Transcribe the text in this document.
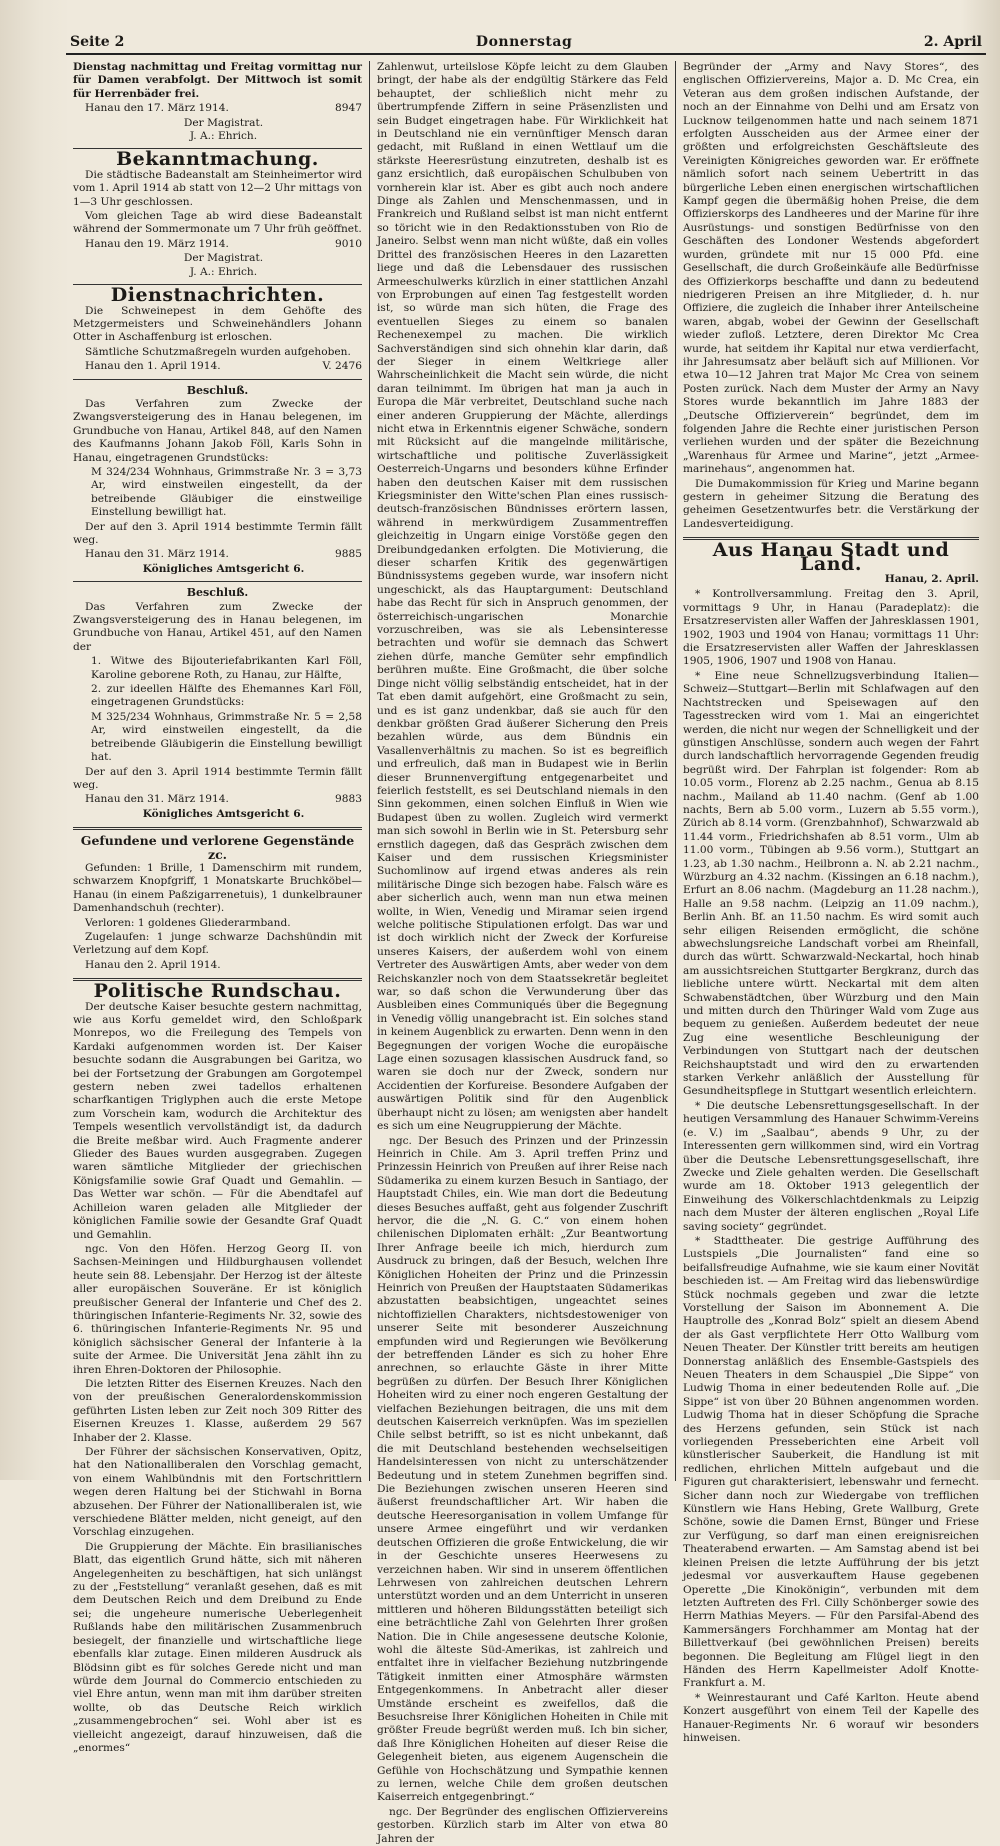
Seite 2	Donnerstag	2. April

Dienstag nachmittag und Freitag vormittag nur für Damen verabfolgt. Der Mittwoch ist somit für Herrenbäder frei.

Hanau den 17. März 1914.	8947

Der Magistrat.

J. A.: Ehrich.

Bekanntmachung.

Die städtische Badeanstalt am Steinheimertor wird vom 1. April 1914 ab statt von 12—2 Uhr mittags von 1—3 Uhr geschlossen.

Vom gleichen Tage ab wird diese Badeanstalt während der Sommermonate um 7 Uhr früh geöffnet.

Hanau den 19. März 1914.	9010

Der Magistrat.

J. A.: Ehrich.

Dienstnachrichten.

Die Schweinepest in dem Gehöfte des Metzgermeisters und Schweinehändlers Johann Otter in Aschaffenburg ist erloschen.

Sämtliche Schutzmaßregeln wurden aufgehoben.

Hanau den 1. April 1914.	V. 2476

Beschluß.

Das Verfahren zum Zwecke der Zwangsversteigerung des in Hanau belegenen, im Grundbuche von Hanau, Artikel 848, auf den Namen des Kaufmanns Johann Jakob Föll, Karls Sohn in Hanau, eingetragenen Grundstücks:

M 324/234 Wohnhaus, Grimmstraße Nr. 3 = 3,73 Ar, wird einstweilen eingestellt, da der betreibende Gläubiger die einstweilige Einstellung bewilligt hat.

Der auf den 3. April 1914 bestimmte Termin fällt weg.

Hanau den 31. März 1914.	9885

Königliches Amtsgericht 6.

Beschluß.

Das Verfahren zum Zwecke der Zwangsversteigerung des in Hanau belegenen, im Grundbuche von Hanau, Artikel 451, auf den Namen der

1. Witwe des Bijouteriefabrikanten Karl Föll, Karoline geborene Roth, zu Hanau, zur Hälfte,

2. zur ideellen Hälfte des Ehemannes Karl Föll, eingetragenen Grundstücks:

M 325/234 Wohnhaus, Grimmstraße Nr. 5 = 2,58 Ar, wird einstweilen eingestellt, da die betreibende Gläubigerin die Einstellung bewilligt hat.

Der auf den 3. April 1914 bestimmte Termin fällt weg.

Hanau den 31. März 1914.	9883

Königliches Amtsgericht 6.

Gefundene und verlorene Gegenstände zc.

Gefunden: 1 Brille, 1 Damenschirm mit rundem, schwarzem Knopfgriff, 1 Monatskarte Bruchköbel—Hanau (in einem Paßzigarrenetuis), 1 dunkelbrauner Damenhandschuh (rechter).

Verloren: 1 goldenes Gliederarmband.

Zugelaufen: 1 junge schwarze Dachshündin mit Verletzung auf dem Kopf.

Hanau den 2. April 1914.

Politische Rundschau.

Der deutsche Kaiser besuchte gestern nachmittag, wie aus Korfu gemeldet wird, den Schloßpark Monrepos, wo die Freilegung des Tempels von Kardaki aufgenommen worden ist. Der Kaiser besuchte sodann die Ausgrabungen bei Garitza, wo bei der Fortsetzung der Grabungen am Gorgotempel gestern neben zwei tadellos erhaltenen scharfkantigen Triglyphen auch die erste Metope zum Vorschein kam, wodurch die Architektur des Tempels wesentlich vervollständigt ist, da dadurch die Breite meßbar wird. Auch Fragmente anderer Glieder des Baues wurden ausgegraben. Zugegen waren sämtliche Mitglieder der griechischen Königsfamilie sowie Graf Quadt und Gemahlin. — Das Wetter war schön. — Für die Abendtafel auf Achilleion waren geladen alle Mitglieder der königlichen Familie sowie der Gesandte Graf Quadt und Gemahlin.

ngc. Von den Höfen. Herzog Georg II. von Sachsen-Meiningen und Hildburghausen vollendet heute sein 88. Lebensjahr. Der Herzog ist der älteste aller europäischen Souveräne. Er ist königlich preußischer General der Infanterie und Chef des 2. thüringischen Infanterie-Regiments Nr. 32, sowie des 6. thüringischen Infanterie-Regiments Nr. 95 und königlich sächsischer General der Infanterie à la suite der Armee. Die Universität Jena zählt ihn zu ihren Ehren-Doktoren der Philosophie.

Die letzten Ritter des Eisernen Kreuzes. Nach den von der preußischen Generalordenskommission geführten Listen leben zur Zeit noch 309 Ritter des Eisernen Kreuzes 1. Klasse, außerdem 29 567 Inhaber der 2. Klasse.

Der Führer der sächsischen Konservativen, Opitz, hat den Nationalliberalen den Vorschlag gemacht, von einem Wahlbündnis mit den Fortschrittlern wegen deren Haltung bei der Stichwahl in Borna abzusehen. Der Führer der Nationalliberalen ist, wie verschiedene Blätter melden, nicht geneigt, auf den Vorschlag einzugehen.

Die Gruppierung der Mächte. Ein brasilianisches Blatt, das eigentlich Grund hätte, sich mit näheren Angelegenheiten zu beschäftigen, hat sich unlängst zu der „Feststellung“ veranlaßt gesehen, daß es mit dem Deutschen Reich und dem Dreibund zu Ende sei; die ungeheure numerische Ueberlegenheit Rußlands habe den militärischen Zusammenbruch besiegelt, der finanzielle und wirtschaftliche liege ebenfalls klar zutage. Einen milderen Ausdruck als Blödsinn gibt es für solches Gerede nicht und man würde dem Journal do Commercio entschieden zu viel Ehre antun, wenn man mit ihm darüber streiten wollte, ob das Deutsche Reich wirklich „zusammengebrochen“ sei. Wohl aber ist es vielleicht angezeigt, darauf hinzuweisen, daß die „enormes“

Zahlenwut, urteilslose Köpfe leicht zu dem Glauben bringt, der habe als der endgültig Stärkere das Feld behauptet, der schließlich nicht mehr zu übertrumpfende Ziffern in seine Präsenzlisten und sein Budget eingetragen habe. Für Wirklichkeit hat in Deutschland nie ein vernünftiger Mensch daran gedacht, mit Rußland in einen Wettlauf um die stärkste Heeresrüstung einzutreten, deshalb ist es ganz ersichtlich, daß europäischen Schulbuben von vornherein klar ist. Aber es gibt auch noch andere Dinge als Zahlen und Menschenmassen, und in Frankreich und Rußland selbst ist man nicht entfernt so töricht wie in den Redaktionsstuben von Rio de Janeiro. Selbst wenn man nicht wüßte, daß ein volles Drittel des französischen Heeres in den Lazaretten liege und daß die Lebensdauer des russischen Armeeschulwerks kürzlich in einer stattlichen Anzahl von Erprobungen auf einen Tag festgestellt worden ist, so würde man sich hüten, die Frage des eventuellen Sieges zu einem so banalen Rechenexempel zu machen. Die wirklich Sachverständigen sind sich ohnehin klar darin, daß der Sieger in einem Weltkriege aller Wahrscheinlichkeit die Macht sein würde, die nicht daran teilnimmt. Im übrigen hat man ja auch in Europa die Mär verbreitet, Deutschland suche nach einer anderen Gruppierung der Mächte, allerdings nicht etwa in Erkenntnis eigener Schwäche, sondern mit Rücksicht auf die mangelnde militärische, wirtschaftliche und politische Zuverlässigkeit Oesterreich-Ungarns und besonders kühne Erfinder haben den deutschen Kaiser mit dem russischen Kriegsminister den Witte'schen Plan eines russisch-deutsch-französischen Bündnisses erörtern lassen, während in merkwürdigem Zusammentreffen gleichzeitig in Ungarn einige Vorstöße gegen den Dreibundgedanken erfolgten. Die Motivierung, die dieser scharfen Kritik des gegenwärtigen Bündnissystems gegeben wurde, war insofern nicht ungeschickt, als das Hauptargument: Deutschland habe das Recht für sich in Anspruch genommen, der österreichisch-ungarischen Monarchie vorzuschreiben, was sie als Lebensinteresse betrachten und wofür sie demnach das Schwert ziehen dürfe, manche Gemüter sehr empfindlich berühren mußte. Eine Großmacht, die über solche Dinge nicht völlig selbständig entscheidet, hat in der Tat eben damit aufgehört, eine Großmacht zu sein, und es ist ganz undenkbar, daß sie auch für den denkbar größten Grad äußerer Sicherung den Preis bezahlen würde, aus dem Bündnis ein Vasallenverhältnis zu machen. So ist es begreiflich und erfreulich, daß man in Budapest wie in Berlin dieser Brunnenvergiftung entgegenarbeitet und feierlich feststellt, es sei Deutschland niemals in den Sinn gekommen, einen solchen Einfluß in Wien wie Budapest üben zu wollen. Zugleich wird vermerkt man sich sowohl in Berlin wie in St. Petersburg sehr ernstlich dagegen, daß das Gespräch zwischen dem Kaiser und dem russischen Kriegsminister Suchomlinow auf irgend etwas anderes als rein militärische Dinge sich bezogen habe. Falsch wäre es aber sicherlich auch, wenn man nun etwa meinen wollte, in Wien, Venedig und Miramar seien irgend welche politische Stipulationen erfolgt. Das war und ist doch wirklich nicht der Zweck der Korfureise unseres Kaisers, der außerdem wohl von einem Vertreter des Auswärtigen Amts, aber weder von dem Reichskanzler noch von dem Staatssekretär begleitet war, so daß schon die Verwunderung über das Ausbleiben eines Communiqués über die Begegnung in Venedig völlig unangebracht ist. Ein solches stand in keinem Augenblick zu erwarten. Denn wenn in den Begegnungen der vorigen Woche die europäische Lage einen sozusagen klassischen Ausdruck fand, so waren sie doch nur der Zweck, sondern nur Accidentien der Korfureise. Besondere Aufgaben der auswärtigen Politik sind für den Augenblick überhaupt nicht zu lösen; am wenigsten aber handelt es sich um eine Neugruppierung der Mächte.

ngc. Der Besuch des Prinzen und der Prinzessin Heinrich in Chile. Am 3. April treffen Prinz und Prinzessin Heinrich von Preußen auf ihrer Reise nach Südamerika zu einem kurzen Besuch in Santiago, der Hauptstadt Chiles, ein. Wie man dort die Bedeutung dieses Besuches auffaßt, geht aus folgender Zuschrift hervor, die die „N. G. C.“ von einem hohen chilenischen Diplomaten erhält: „Zur Beantwortung Ihrer Anfrage beeile ich mich, hierdurch zum Ausdruck zu bringen, daß der Besuch, welchen Ihre Königlichen Hoheiten der Prinz und die Prinzessin Heinrich von Preußen der Hauptstaaten Südamerikas abzustatten beabsichtigen, ungeachtet seines nichtoffiziellen Charakters, nichtsdestoweniger von unserer Seite mit besonderer Auszeichnung empfunden wird und Regierungen wie Bevölkerung der betreffenden Länder es sich zu hoher Ehre anrechnen, so erlauchte Gäste in ihrer Mitte begrüßen zu dürfen. Der Besuch Ihrer Königlichen Hoheiten wird zu einer noch engeren Gestaltung der vielfachen Beziehungen beitragen, die uns mit dem deutschen Kaiserreich verknüpfen. Was im speziellen Chile selbst betrifft, so ist es nicht unbekannt, daß die mit Deutschland bestehenden wechselseitigen Handelsinteressen von nicht zu unterschätzender Bedeutung und in stetem Zunehmen begriffen sind. Die Beziehungen zwischen unseren Heeren sind äußerst freundschaftlicher Art. Wir haben die deutsche Heeresorganisation in vollem Umfange für unsere Armee eingeführt und wir verdanken deutschen Offizieren die große Entwickelung, die wir in der Geschichte unseres Heerwesens zu verzeichnen haben. Wir sind in unserem öffentlichen Lehrwesen von zahlreichen deutschen Lehrern unterstützt worden und an dem Unterricht in unseren mittleren und höheren Bildungsstätten beteiligt sich eine beträchtliche Zahl von Gelehrten Ihrer großen Nation. Die in Chile angesessene deutsche Kolonie, wohl die älteste Süd-Amerikas, ist zahlreich und entfaltet ihre in vielfacher Beziehung nutzbringende Tätigkeit inmitten einer Atmosphäre wärmsten Entgegenkommens. In Anbetracht aller dieser Umstände erscheint es zweifellos, daß die Besuchsreise Ihrer Königlichen Hoheiten in Chile mit größter Freude begrüßt werden muß. Ich bin sicher, daß Ihre Königlichen Hoheiten auf dieser Reise die Gelegenheit bieten, aus eigenem Augenschein die Gefühle von Hochschätzung und Sympathie kennen zu lernen, welche Chile dem großen deutschen Kaiserreich entgegenbringt.“

ngc. Der Begründer des englischen Offiziervereins gestorben. Kürzlich starb im Alter von etwa 80 Jahren der

Begründer der „Army and Navy Stores“, des englischen Offiziervereins, Major a. D. Mc Crea, ein Veteran aus dem großen indischen Aufstande, der noch an der Einnahme von Delhi und am Ersatz von Lucknow teilgenommen hatte und nach seinem 1871 erfolgten Ausscheiden aus der Armee einer der größten und erfolgreichsten Geschäftsleute des Vereinigten Königreiches geworden war. Er eröffnete nämlich sofort nach seinem Uebertritt in das bürgerliche Leben einen energischen wirtschaftlichen Kampf gegen die übermäßig hohen Preise, die dem Offizierskorps des Landheeres und der Marine für ihre Ausrüstungs- und sonstigen Bedürfnisse von den Geschäften des Londoner Westends abgefordert wurden, gründete mit nur 15 000 Pfd. eine Gesellschaft, die durch Großeinkäufe alle Bedürfnisse des Offizierkorps beschaffte und dann zu bedeutend niedrigeren Preisen an ihre Mitglieder, d. h. nur Offiziere, die zugleich die Inhaber ihrer Anteilscheine waren, abgab, wobei der Gewinn der Gesellschaft wieder zufloß. Letztere, deren Direktor Mc Crea wurde, hat seitdem ihr Kapital nur etwa verdierfacht, ihr Jahresumsatz aber beläuft sich auf Millionen. Vor etwa 10—12 Jahren trat Major Mc Crea von seinem Posten zurück. Nach dem Muster der Army an Navy Stores wurde bekanntlich im Jahre 1883 der „Deutsche Offizierverein“ begründet, dem im folgenden Jahre die Rechte einer juristischen Person verliehen wurden und der später die Bezeichnung „Warenhaus für Armee und Marine“, jetzt „Armee-marinehaus“, angenommen hat.

Die Dumakommission für Krieg und Marine begann gestern in geheimer Sitzung die Beratung des geheimen Gesetzentwurfes betr. die Verstärkung der Landesverteidigung.

Aus Hanau Stadt und Land.

Hanau, 2. April.

* Kontrollversammlung. Freitag den 3. April, vormittags 9 Uhr, in Hanau (Paradeplatz): die Ersatzreservisten aller Waffen der Jahresklassen 1901, 1902, 1903 und 1904 von Hanau; vormittags 11 Uhr: die Ersatzreservisten aller Waffen der Jahresklassen 1905, 1906, 1907 und 1908 von Hanau.

* Eine neue Schnellzugsverbindung Italien—Schweiz—Stuttgart—Berlin mit Schlafwagen auf den Nachtstrecken und Speisewagen auf den Tagesstrecken wird vom 1. Mai an eingerichtet werden, die nicht nur wegen der Schnelligkeit und der günstigen Anschlüsse, sondern auch wegen der Fahrt durch landschaftlich hervorragende Gegenden freudig begrüßt wird. Der Fahrplan ist folgender: Rom ab 10.05 vorm., Florenz ab 2.25 nachm., Genua ab 8.15 nachm., Mailand ab 11.40 nachm. (Genf ab 1.00 nachts, Bern ab 5.00 vorm., Luzern ab 5.55 vorm.), Zürich ab 8.14 vorm. (Grenzbahnhof), Schwarzwald ab 11.44 vorm., Friedrichshafen ab 8.51 vorm., Ulm ab 11.00 vorm., Tübingen ab 9.56 vorm.), Stuttgart an 1.23, ab 1.30 nachm., Heilbronn a. N. ab 2.21 nachm., Würzburg an 4.32 nachm. (Kissingen an 6.18 nachm.), Erfurt an 8.06 nachm. (Magdeburg an 11.28 nachm.), Halle an 9.58 nachm. (Leipzig an 11.09 nachm.), Berlin Anh. Bf. an 11.50 nachm. Es wird somit auch sehr eiligen Reisenden ermöglicht, die schöne abwechslungsreiche Landschaft vorbei am Rheinfall, durch das württ. Schwarzwald-Neckartal, hoch hinab am aussichtsreichen Stuttgarter Bergkranz, durch das liebliche untere württ. Neckartal mit dem alten Schwabenstädtchen, über Würzburg und den Main und mitten durch den Thüringer Wald vom Zuge aus bequem zu genießen. Außerdem bedeutet der neue Zug eine wesentliche Beschleunigung der Verbindungen von Stuttgart nach der deutschen Reichshauptstadt und wird den zu erwartenden starken Verkehr anläßlich der Ausstellung für Gesundheitspflege in Stuttgart wesentlich erleichtern.

* Die deutsche Lebensrettungsgesellschaft. In der heutigen Versammlung des Hanauer Schwimm-Vereins (e. V.) im „Saalbau“, abends 9 Uhr, zu der Interessenten gern willkommen sind, wird ein Vortrag über die Deutsche Lebensrettungsgesellschaft, ihre Zwecke und Ziele gehalten werden. Die Gesellschaft wurde am 18. Oktober 1913 gelegentlich der Einweihung des Völkerschlachtdenkmals zu Leipzig nach dem Muster der älteren englischen „Royal Life saving society“ gegründet.

* Stadttheater. Die gestrige Aufführung des Lustspiels „Die Journalisten“ fand eine so beifallsfreudige Aufnahme, wie sie kaum einer Novität beschieden ist. — Am Freitag wird das liebenswürdige Stück nochmals gegeben und zwar die letzte Vorstellung der Saison im Abonnement A. Die Hauptrolle des „Konrad Bolz“ spielt an diesem Abend der als Gast verpflichtete Herr Otto Wallburg vom Neuen Theater. Der Künstler tritt bereits am heutigen Donnerstag anläßlich des Ensemble-Gastspiels des Neuen Theaters in dem Schauspiel „Die Sippe“ von Ludwig Thoma in einer bedeutenden Rolle auf. „Die Sippe“ ist von über 20 Bühnen angenommen worden. Ludwig Thoma hat in dieser Schöpfung die Sprache des Herzens gefunden, sein Stück ist nach vorliegenden Presseberichten eine Arbeit voll künstlerischer Sauberkeit, die Handlung ist mit redlichen, ehrlichen Mitteln aufgebaut und die Figuren gut charakterisiert, lebenswahr und fernecht. Sicher dann noch zur Wiedergabe von trefflichen Künstlern wie Hans Hebing, Grete Wallburg, Grete Schöne, sowie die Damen Ernst, Bünger und Friese zur Verfügung, so darf man einen ereignisreichen Theaterabend erwarten. — Am Samstag abend ist bei kleinen Preisen die letzte Aufführung der bis jetzt jedesmal vor ausverkauftem Hause gegebenen Operette „Die Kinokönigin“, verbunden mit dem letzten Auftreten des Frl. Cilly Schönberger sowie des Herrn Mathias Meyers. — Für den Parsifal-Abend des Kammersängers Forchhammer am Montag hat der Billettverkauf (bei gewöhnlichen Preisen) bereits begonnen. Die Begleitung am Flügel liegt in den Händen des Herrn Kapellmeister Adolf Knotte-Frankfurt a. M.

* Weinrestaurant und Café Karlton. Heute abend Konzert ausgeführt von einem Teil der Kapelle des Hanauer-Regiments Nr. 6 worauf wir besonders hinweisen.
